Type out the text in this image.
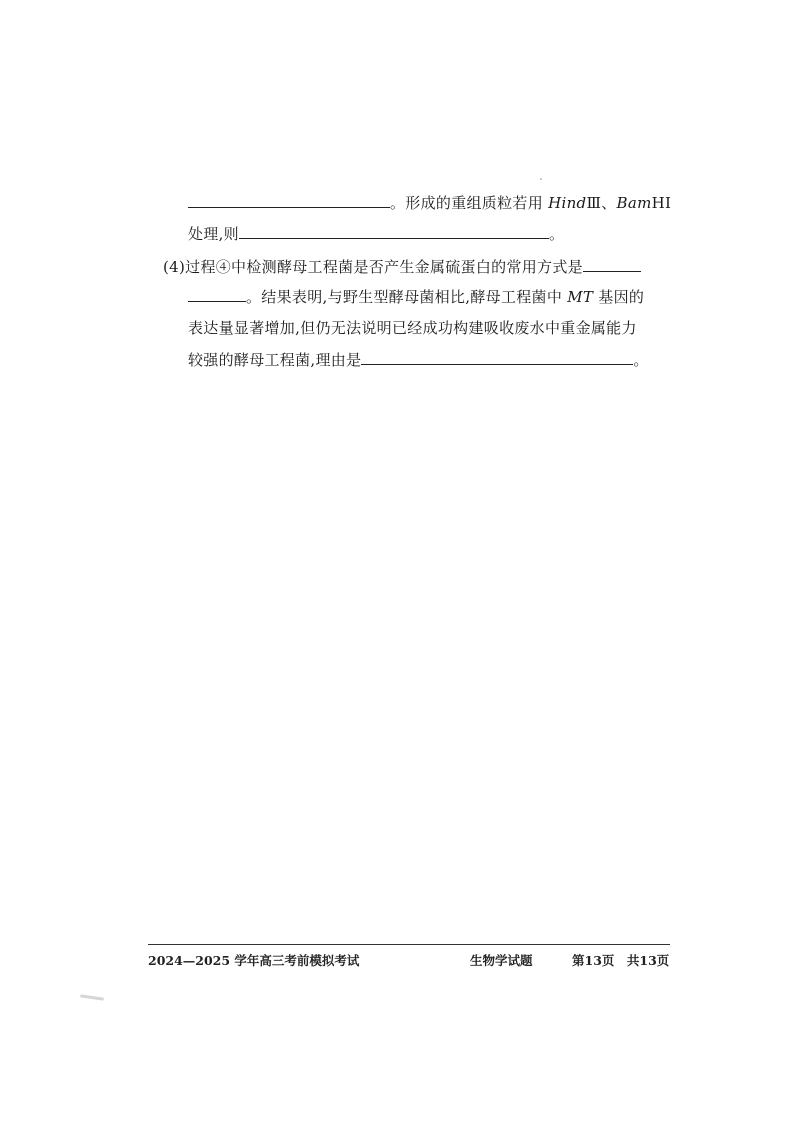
。形成的重组质粒若用 HindⅢ、BamHⅠ
处理,则	。
(4)过程④中检测酵母工程菌是否产生金属硫蛋白的常用方式是
。结果表明,与野生型酵母菌相比,酵母工程菌中 MT 基因的
表达量显著增加,但仍无法说明已经成功构建吸收废水中重金属能力
较强的酵母工程菌,理由是	。
2024—2025 学年高三考前模拟考试	生物学试题	第13页　共13页
